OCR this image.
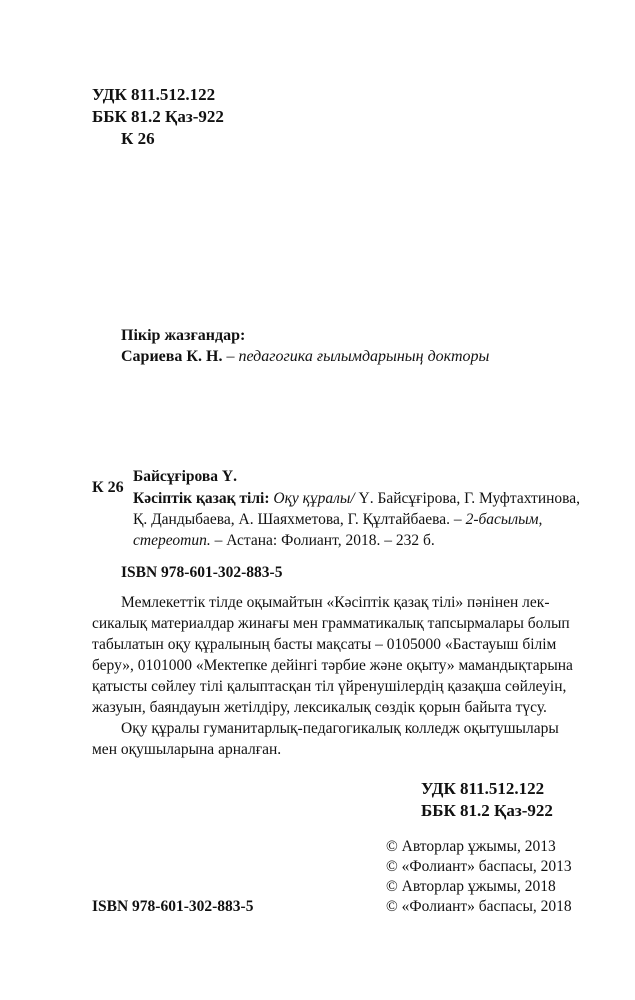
УДК 811.512.122
ББК 81.2 Қаз-922
К 26
Пікір жазғандар:
Сариева К. Н. – педагогика ғылымдарының докторы
К 26
Байсұғірова Ү.
Кәсіптік қазақ тілі: Оқу құралы/ Ү. Байсұғірова, Г. Муфтахтинова,
Қ. Дандыбаева, А. Шаяхметова, Г. Құлтайбаева. – 2-басылым,
стереотип. – Астана: Фолиант, 2018. – 232 б.
ISBN 978-601-302-883-5
Мемлекеттік тілде оқымайтын «Кәсіптік қазақ тілі» пәнінен лек-
сикалық материалдар жинағы мен грамматикалық тапсырмалары болып
табылатын оқу құралының басты мақсаты – 0105000 «Бастауыш білім
беру», 0101000 «Мектепке дейінгі тәрбие және оқыту» мамандықтарына
қатысты сөйлеу тілі қалыптасқан тіл үйренушілердің қазақша сөйлеуін,
жазуын, баяндауын жетілдіру, лексикалық сөздік қорын байыта түсу.
Оқу құралы гуманитарлық-педагогикалық колледж оқытушылары
мен оқушыларына арналған.
УДК 811.512.122
ББК 81.2 Қаз-922
© Авторлар ұжымы, 2013
© «Фолиант» баспасы, 2013
© Авторлар ұжымы, 2018
© «Фолиант» баспасы, 2018
ISBN 978-601-302-883-5
